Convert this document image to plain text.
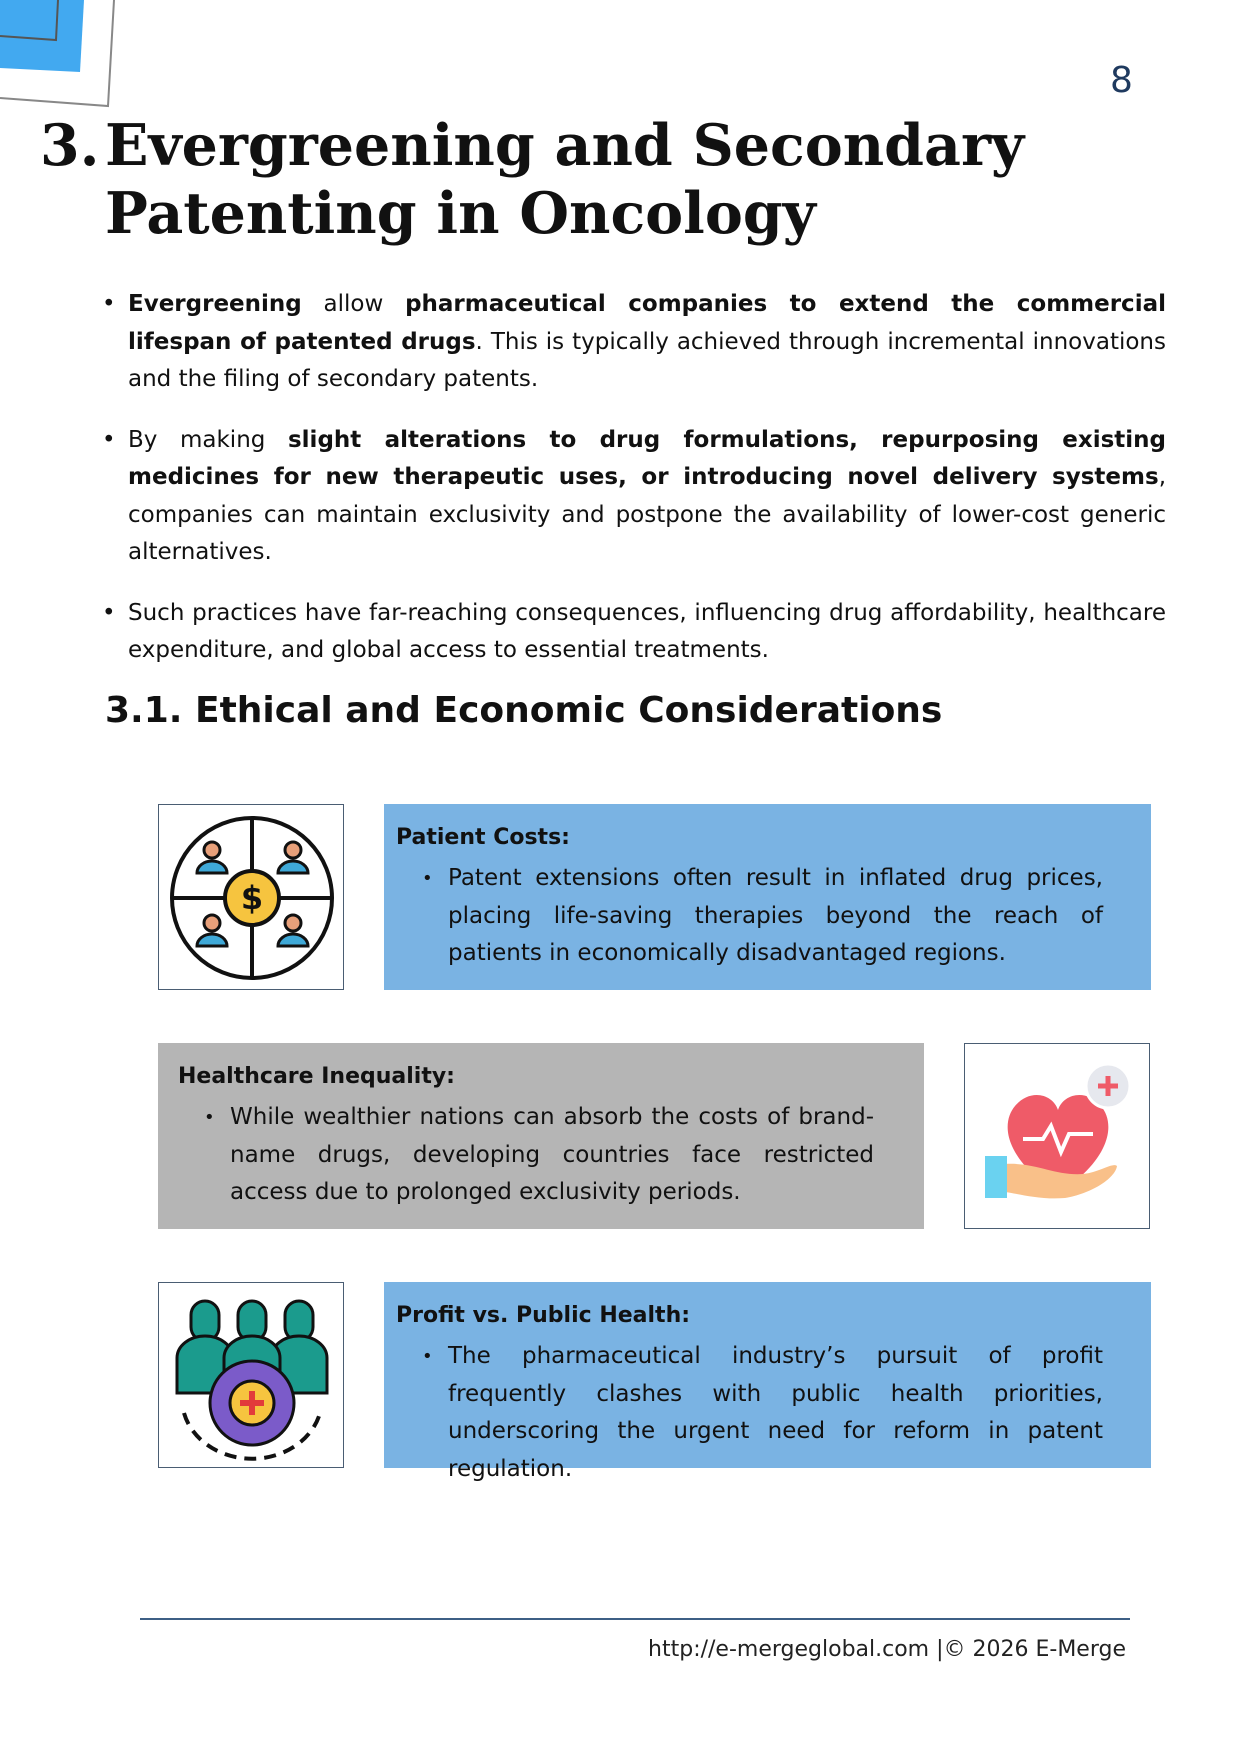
8
3. Evergreening and Secondary
Patenting in Oncology
• Evergreening allow pharmaceutical companies to extend the commercial lifespan of patented drugs. This is typically achieved through incremental innovations and the filing of secondary patents.
• By making slight alterations to drug formulations, repurposing existing medicines for new therapeutic uses, or introducing novel delivery systems, companies can maintain exclusivity and postpone the availability of lower-cost generic alternatives.
• Such practices have far-reaching consequences, influencing drug affordability, healthcare expenditure, and global access to essential treatments.
3.1. Ethical and Economic Considerations
$
Patient Costs:
• Patent extensions often result in inflated drug prices, placing life-saving therapies beyond the reach of patients in economically disadvantaged regions.
Healthcare Inequality:
• While wealthier nations can absorb the costs of brand-name drugs, developing countries face restricted access due to prolonged exclusivity periods.
Profit vs. Public Health:
• The pharmaceutical industry’s pursuit of profit frequently clashes with public health priorities, underscoring the urgent need for reform in patent regulation.
http://e-mergeglobal.com |© 2026 E-Merge
